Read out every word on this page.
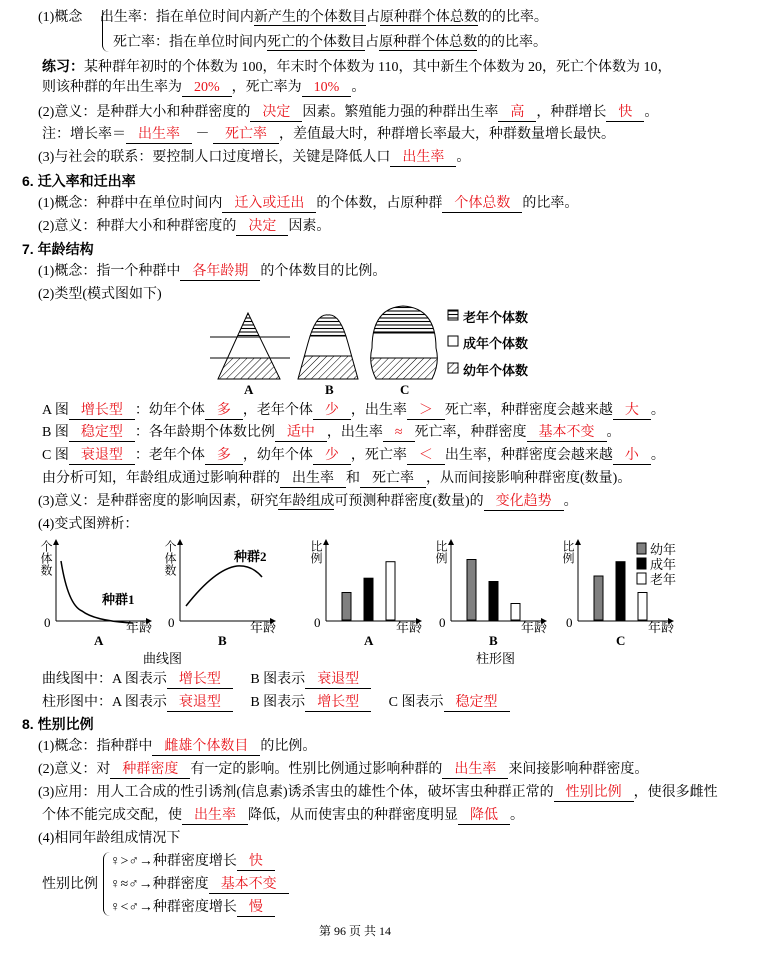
(1)概念　 出生率：指在单位时间内新产生的个体数目占原种群个体总数的的比率。
死亡率：指在单位时间内死亡的个体数目占原种群个体总数的的比率。
练习：某种群年初时的个体数为 100，年末时个体数为 110，其中新生个体数为 20，死亡个体数为 10，
则该种群的年出生率为 20% ，死亡率为 10% 。
(2)意义：是种群大小和种群密度的 决定 因素。繁殖能力强的种群出生率 高 ，种群增长 快 。
注：增长率＝ 出生率 － 死亡率 ，差值最大时，种群增长率最大，种群数量增长最快。
(3)与社会的联系：要控制人口过度增长，关键是降低人口 出生率 。
6. 迁入率和迁出率
(1)概念：种群中在单位时间内 迁入或迁出 的个体数，占原种群 个体总数 的比率。
(2)意义：种群大小和种群密度的 决定 因素。
7. 年龄结构
(1)概念：指一个种群中 各年龄期 的个体数目的比例。
(2)类型(模式图如下)
A 图 增长型 ：幼年个体 多 ，老年个体 少 ，出生率 ＞ 死亡率，种群密度会越来越 大 。
B 图 稳定型 ：各年龄期个体数比例 适中 ，出生率 ≈ 死亡率，种群密度 基本不变 。
C 图 衰退型 ：老年个体 多 ，幼年个体 少 ，死亡率 ＜ 出生率，种群密度会越来越 小 。
由分析可知，年龄组成通过影响种群的 出生率 和 死亡率 ，从而间接影响种群密度(数量)。
(3)意义：是种群密度的影响因素，研究年龄组成可预测种群密度(数量)的 变化趋势 。
(4)变式图辨析：
曲线图中：A 图表示 增长型　 B 图表示 衰退型
柱形图中：A 图表示 衰退型　 B 图表示 增长型　 C 图表示 稳定型
8. 性别比例
(1)概念：指种群中 雌雄个体数目 的比例。
(2)意义：对 种群密度 有一定的影响。性别比例通过影响种群的 出生率 来间接影响种群密度。
(3)应用：用人工合成的性引诱剂(信息素)诱杀害虫的雄性个体，破坏害虫种群正常的 性别比例 ，使很多雌性
个体不能完成交配，使 出生率 降低，从而使害虫的种群密度明显 降低 。
(4)相同年龄组成情况下
性别比例
♀>♂→种群密度增长 快
♀≈♂→种群密度 基本不变
♀<♂→种群密度增长 慢
老年个体数
成年个体数
幼年个体数
A	B	C
个体数
0	年龄
A
个体数
0	年龄
B
比例
0	年龄
A
比例
0	年龄
B
比例
0	年龄
C
种群1
种群2
曲线图	柱形图
幼年
成年
老年
第 96 页 共 14
